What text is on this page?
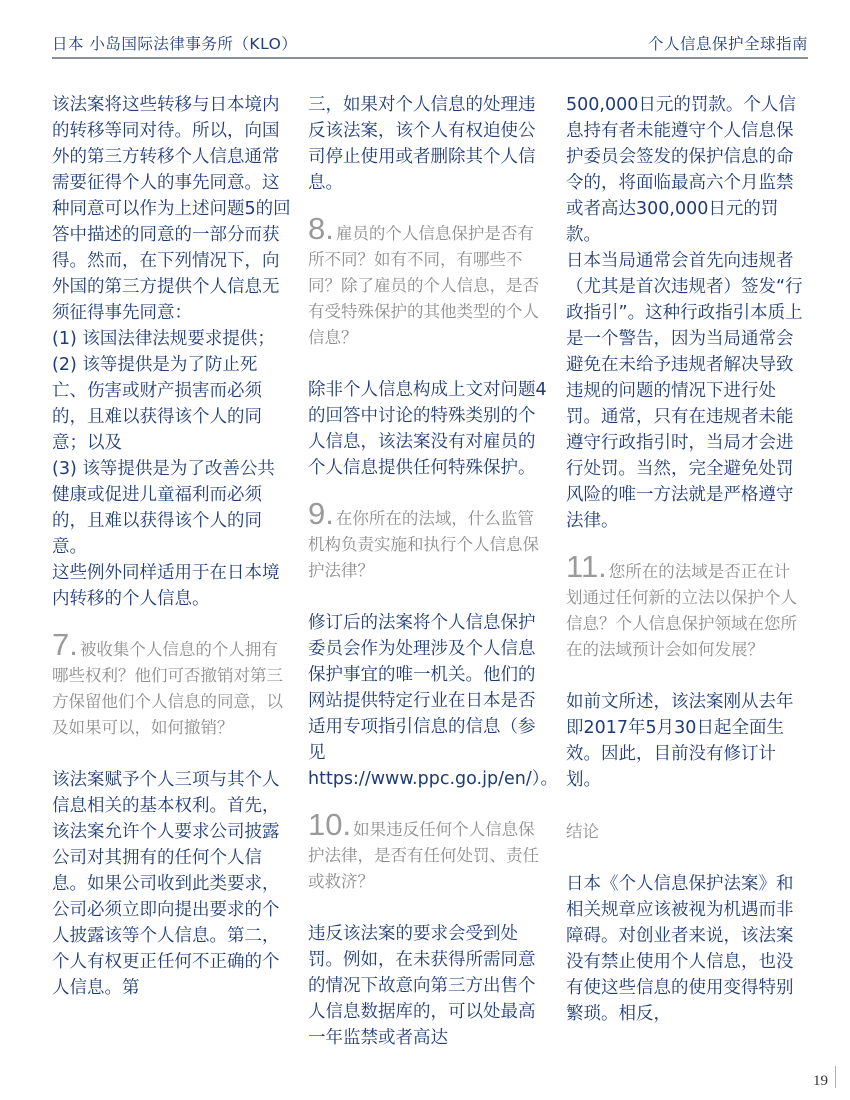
日本 小岛国际法律事务所（KLO）	个人信息保护全球指南

该法案将这些转移与日本境内的转移等同对待。所以，向国外的第三方转移个人信息通常需要征得个人的事先同意。这种同意可以作为上述问题5的回答中描述的同意的一部分而获得。然而，在下列情况下，向外国的第三方提供个人信息无须征得事先同意：

(1) 该国法律法规要求提供；

(2) 该等提供是为了防止死亡、伤害或财产损害而必须的，且难以获得该个人的同意；以及

(3) 该等提供是为了改善公共健康或促进儿童福利而必须的，且难以获得该个人的同意。

这些例外同样适用于在日本境内转移的个人信息。

7. 被收集个人信息的个人拥有哪些权利？他们可否撤销对第三方保留他们个人信息的同意，以及如果可以，如何撤销？

该法案赋予个人三项与其个人信息相关的基本权利。首先，该法案允许个人要求公司披露公司对其拥有的任何个人信息。如果公司收到此类要求，公司必须立即向提出要求的个人披露该等个人信息。第二，个人有权更正任何不正确的个人信息。第

三，如果对个人信息的处理违反该法案，该个人有权迫使公司停止使用或者删除其个人信息。

8. 雇员的个人信息保护是否有所不同？如有不同，有哪些不同？除了雇员的个人信息，是否有受特殊保护的其他类型的个人信息？

除非个人信息构成上文对问题4的回答中讨论的特殊类别的个人信息，该法案没有对雇员的个人信息提供任何特殊保护。

9. 在你所在的法域，什么监管机构负责实施和执行个人信息保护法律？

修订后的法案将个人信息保护委员会作为处理涉及个人信息保护事宜的唯一机关。他们的网站提供特定行业在日本是否适用专项指引信息的信息（参见https://www.ppc.go.jp/en/）。

10. 如果违反任何个人信息保护法律，是否有任何处罚、责任或救济？

违反该法案的要求会受到处罚。例如，在未获得所需同意的情况下故意向第三方出售个人信息数据库的，可以处最高一年监禁或者高达

500,000日元的罚款。个人信息持有者未能遵守个人信息保护委员会签发的保护信息的命令的，将面临最高六个月监禁或者高达300,000日元的罚款。

日本当局通常会首先向违规者（尤其是首次违规者）签发“行政指引”。这种行政指引本质上是一个警告，因为当局通常会避免在未给予违规者解决导致违规的问题的情况下进行处罚。通常，只有在违规者未能遵守行政指引时，当局才会进行处罚。当然，完全避免处罚风险的唯一方法就是严格遵守法律。

11. 您所在的法域是否正在计划通过任何新的立法以保护个人信息？个人信息保护领域在您所在的法域预计会如何发展？

如前文所述，该法案刚从去年即2017年5月30日起全面生效。因此，目前没有修订计划。

结论

日本《个人信息保护法案》和相关规章应该被视为机遇而非障碍。对创业者来说，该法案没有禁止使用个人信息，也没有使这些信息的使用变得特别繁琐。相反，

19
